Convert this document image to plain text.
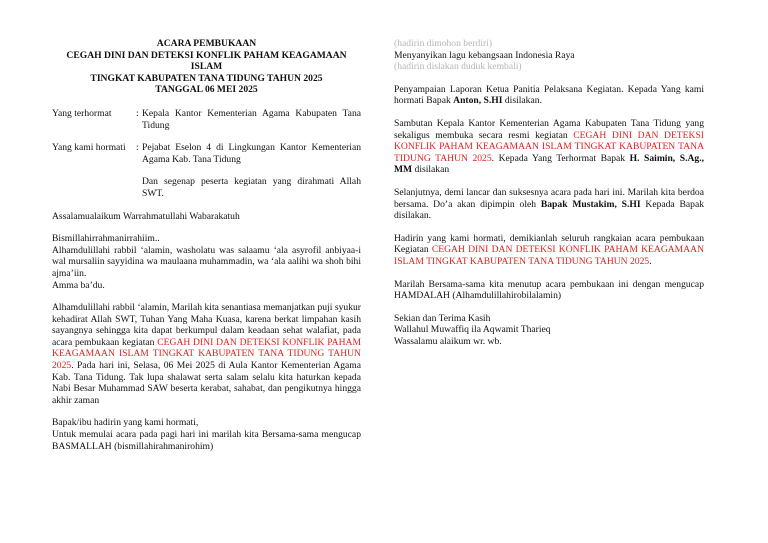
ACARA PEMBUKAAN
CEGAH DINI DAN DETEKSI KONFLIK PAHAM KEAGAMAAN ISLAM
TINGKAT KABUPATEN TANA TIDUNG TAHUN 2025
TANGGAL 06 MEI 2025
Yang terhormat	: Kepala Kantor Kementerian Agama Kabupaten Tana Tidung
Yang kami hormati	: Pejabat Eselon 4 di Lingkungan Kantor Kementerian Agama Kab. Tana Tidung

Dan segenap peserta kegiatan yang dirahmati Allah SWT.

Assalamualaikum Warrahmatullahi Wabarakatuh

Bismillahirrahmanirrahiim..

Alhamdulillahi rabbil ‘alamin, washolatu was salaamu ‘ala asyrofil anbiyaa-i wal mursaliin sayyidina wa maulaana muhammadin, wa ‘ala aalihi wa shoh bihi ajma’iin.

Amma ba’du.

Alhamdulillahi rabbil ‘alamin, Marilah kita senantiasa memanjatkan puji syukur kehadirat Allah SWT, Tuhan Yang Maha Kuasa, karena berkat limpahan kasih sayangnya sehingga kita dapat berkumpul dalam keadaan sehat walafiat, pada acara pembukaan kegiatan CEGAH DINI DAN DETEKSI KONFLIK PAHAM KEAGAMAAN ISLAM TINGKAT KABUPATEN TANA TIDUNG TAHUN 2025. Pada hari ini, Selasa, 06 Mei 2025 di Aula Kantor Kementerian Agama Kab. Tana Tidung. Tak lupa shalawat serta salam selalu kita haturkan kepada Nabi Besar Muhammad SAW beserta kerabat, sahabat, dan pengikutnya hingga akhir zaman

Bapak/ibu hadirin yang kami hormati,

Untuk memulai acara pada pagi hari ini marilah kita Bersama-sama mengucap BASMALLAH (bismillahirahmanirohim)

(hadirin dimohon berdiri)

Menyanyikan lagu kebangsaan Indonesia Raya

(hadirin dislakan duduk kembali)

Penyampaian Laporan Ketua Panitia Pelaksana Kegiatan. Kepada Yang kami hormati Bapak Anton, S.HI disilakan.

Sambutan Kepala Kantor Kementerian Agama Kabupaten Tana Tidung yang sekaligus membuka secara resmi kegiatan CEGAH DINI DAN DETEKSI KONFLIK PAHAM KEAGAMAAN ISLAM TINGKAT KABUPATEN TANA TIDUNG TAHUN 2025. Kepada Yang Terhormat Bapak H. Saimin, S.Ag., MM disilakan

Selanjutnya, demi lancar dan suksesnya acara pada hari ini. Marilah kita berdoa bersama. Do’a akan dipimpin oleh Bapak Mustakim, S.HI Kepada Bapak disilakan.

Hadirin yang kami hormati, demikianlah seluruh rangkaian acara pembukaan Kegiatan CEGAH DINI DAN DETEKSI KONFLIK PAHAM KEAGAMAAN ISLAM TINGKAT KABUPATEN TANA TIDUNG TAHUN 2025.

Marilah Bersama-sama kita menutup acara pembukaan ini dengan mengucap HAMDALAH (Alhamdulillahirobilalamin)

Sekian dan Terima Kasih

Wallahul Muwaffiq ila Aqwamit Tharieq

Wassalamu alaikum wr. wb.
